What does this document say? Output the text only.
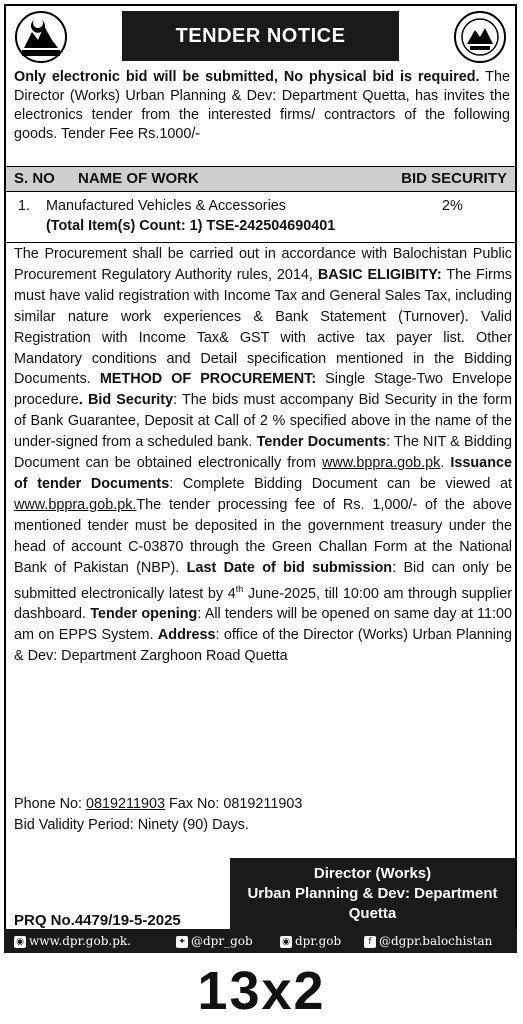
TENDER NOTICE
Only electronic bid will be submitted, No physical bid is required. The Director (Works) Urban Planning & Dev: Department Quetta, has invites the electronics tender from the interested firms/ contractors of the following goods. Tender Fee Rs.1000/-
S. NO NAME OF WORK	BID SECURITY
1. Manufactured Vehicles & Accessories	2%
(Total Item(s) Count: 1) TSE-242504690401
The Procurement shall be carried out in accordance with Balochistan Public Procurement Regulatory Authority rules, 2014, BASIC ELIGIBITY: The Firms must have valid registration with Income Tax and General Sales Tax, including similar nature work experiences & Bank Statement (Turnover). Valid Registration with Income Tax& GST with active tax payer list. Other Mandatory conditions and Detail specification mentioned in the Bidding Documents. METHOD OF PROCUREMENT: Single Stage-Two Envelope procedure. Bid Security: The bids must accompany Bid Security in the form of Bank Guarantee, Deposit at Call of 2 % specified above in the name of the under-signed from a scheduled bank. Tender Documents: The NIT & Bidding Document can be obtained electronically from www.bppra.gob.pk. Issuance of tender Documents: Complete Bidding Document can be viewed at www.bppra.gob.pk.The tender processing fee of Rs. 1,000/- of the above mentioned tender must be deposited in the government treasury under the head of account C-03870 through the Green Challan Form at the National Bank of Pakistan (NBP). Last Date of bid submission: Bid can only be submitted electronically latest by 4th June-2025, till 10:00 am through supplier dashboard. Tender opening: All tenders will be opened on same day at 11:00 am on EPPS System. Address: office of the Director (Works) Urban Planning & Dev: Department Zarghoon Road Quetta
Phone No: 0819211903 Fax No: 0819211903
Bid Validity Period: Ninety (90) Days.
Director (Works)
Urban Planning & Dev: Department
Quetta
PRQ No.4479/19-5-2025
◉ www.dpr.gob.pk.	✦ @dpr_gob	◉ dpr.gob	f @dgpr.balochistan
13x2
